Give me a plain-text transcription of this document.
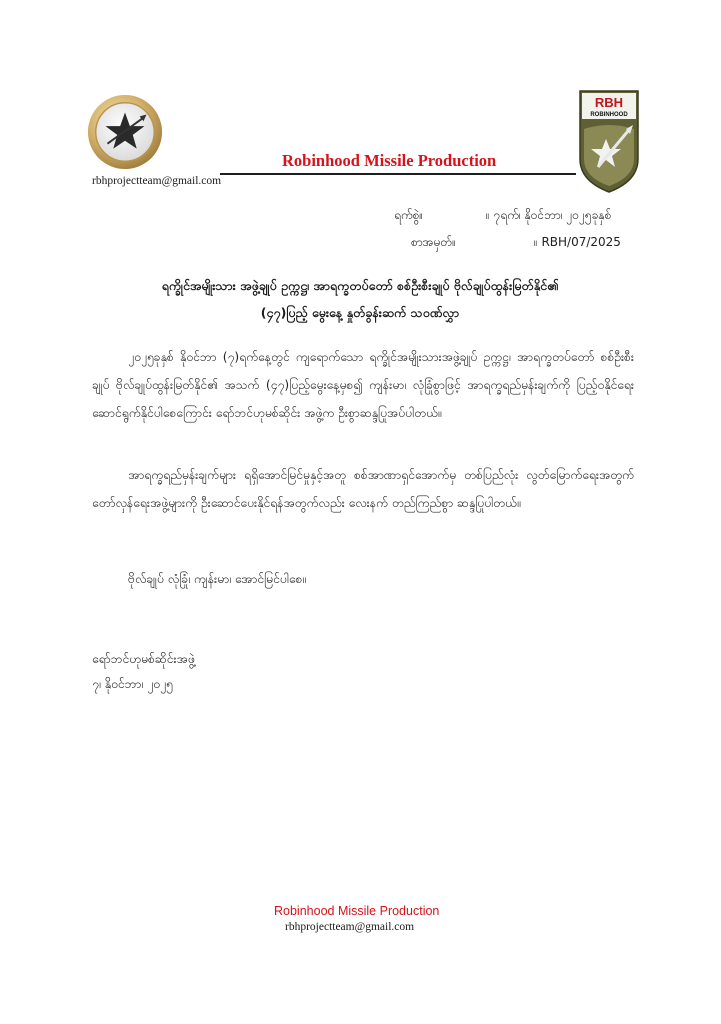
rbhprojectteam@gmail.com
Robinhood Missile Production
RBH
ROBINHOOD
ရက်စွဲ။	။ ၇ရက်၊ နိုဝင်ဘာ၊ ၂၀၂၅ခုနှစ်
စာအမှတ်။	။ RBH/07/2025
ရက္ခိုင်အမျိုးသား အဖွဲ့ချုပ် ဥက္ကဋ္ဌ၊ အာရက္ခတပ်တော် စစ်ဦးစီးချုပ် ဗိုလ်ချုပ်ထွန်းမြတ်နိုင်၏
(၄၇)ပြည့် မွေးနေ့ နှုတ်ခွန်းဆက် သဝဏ်လွှာ
၂၀၂၅ခုနှစ် နိုဝင်ဘာ (၇)ရက်နေ့တွင် ကျရောက်သော ရက္ခိုင်အမျိုးသားအဖွဲ့ချုပ် ဥက္ကဋ္ဌ၊ အာရက္ခတပ်တော် စစ်ဦးစီးချုပ် ဗိုလ်ချုပ်ထွန်းမြတ်နိုင်၏ အသက် (၄၇)ပြည့်မွေးနေ့မှစ၍ ကျန်းမာ၊ လုံခြုံစွာဖြင့် အာရက္ခရည်မှန်းချက်ကို ပြည့်ဝနိုင်ရေး ဆောင်ရွက်နိုင်ပါစေကြောင်း ရော်ဘင်ဟုမစ်ဆိုင်း အဖွဲ့က ဦးစွာဆန္ဒပြုအပ်ပါတယ်။
အာရက္ခရည်မှန်းချက်များ ရရှိအောင်မြင်မှုနှင့်အတူ စစ်အာဏာရှင်အောက်မှ တစ်ပြည်လုံး လွတ်မြောက်ရေးအတွက် တော်လှန်ရေးအဖွဲ့များကို ဦးဆောင်ပေးနိုင်ရန်အတွက်လည်း လေးနက် တည်ကြည်စွာ ဆန္ဒပြုပါတယ်။
ဗိုလ်ချုပ် လုံခြုံ၊ ကျန်းမာ၊ အောင်မြင်ပါစေ။
ရော်ဘင်ဟုမစ်ဆိုင်းအဖွဲ့
၇၊ နိုဝင်ဘာ၊ ၂၀၂၅
Robinhood Missile Production
rbhprojectteam@gmail.com
